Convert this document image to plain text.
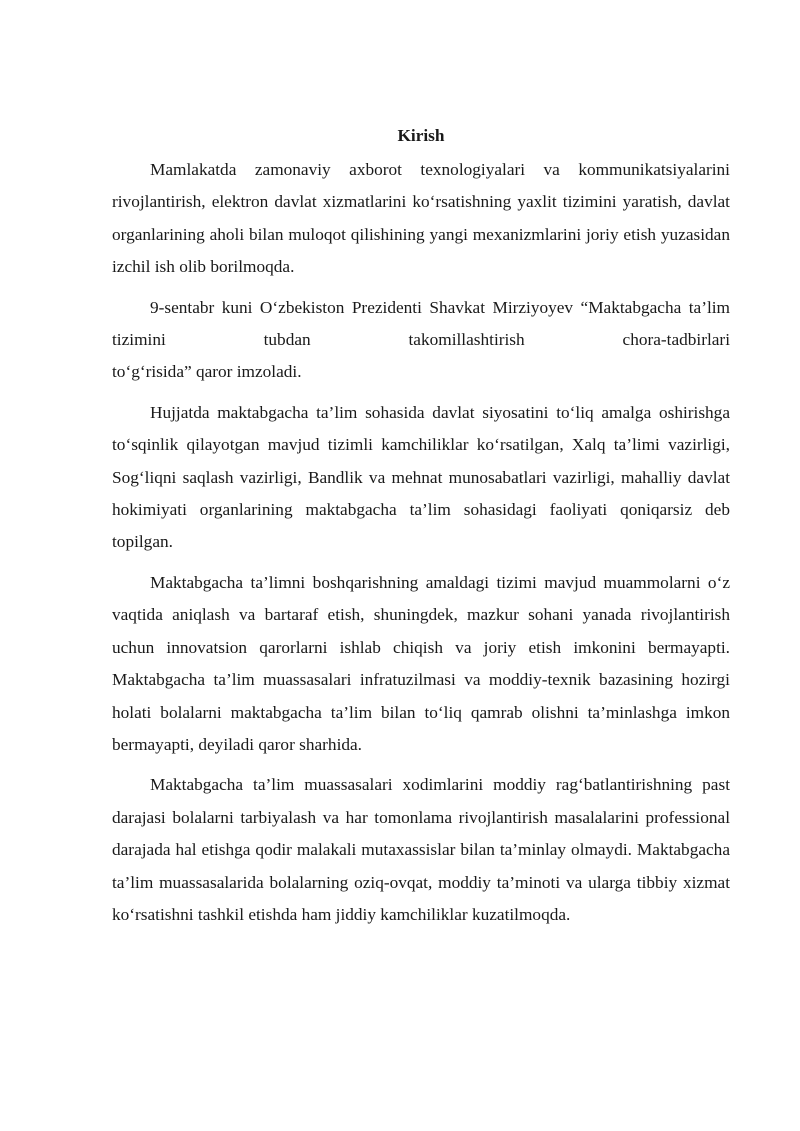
Kirish

Mamlakatda zamonaviy axborot texnologiyalari va kommunikatsiyalarini rivojlantirish, elektron davlat xizmatlarini ko‘rsatishning yaxlit tizimini yaratish, davlat organlarining aholi bilan muloqot qilishining yangi mexanizmlarini joriy etish yuzasidan izchil ish olib borilmoqda.

9-sentabr kuni O‘zbekiston Prezidenti Shavkat Mirziyoyev “Maktabgacha ta’lim tizimini tubdan takomillashtirish chora-tadbirlari
to‘g‘risida” qaror imzoladi.

Hujjatda maktabgacha ta’lim sohasida davlat siyosatini to‘liq amalga oshirishga to‘sqinlik qilayotgan mavjud tizimli kamchiliklar ko‘rsatilgan, Xalq ta’limi vazirligi, Sog‘liqni saqlash vazirligi, Bandlik va mehnat munosabatlari vazirligi, mahalliy davlat hokimiyati organlarining maktabgacha ta’lim sohasidagi faoliyati qoniqarsiz deb topilgan.

Maktabgacha ta’limni boshqarishning amaldagi tizimi mavjud muammolarni o‘z vaqtida aniqlash va bartaraf etish, shuningdek, mazkur sohani yanada rivojlantirish uchun innovatsion qarorlarni ishlab chiqish va joriy etish imkonini bermayapti. Maktabgacha ta’lim muassasalari infratuzilmasi va moddiy-texnik bazasining hozirgi holati bolalarni maktabgacha ta’lim bilan to‘liq qamrab olishni ta’minlashga imkon bermayapti, deyiladi qaror sharhida.

Maktabgacha ta’lim muassasalari xodimlarini moddiy rag‘batlantirishning past darajasi bolalarni tarbiyalash va har tomonlama rivojlantirish masalalarini professional darajada hal etishga qodir malakali mutaxassislar bilan ta’minlay olmaydi. Maktabgacha ta’lim muassasalarida bolalarning oziq-ovqat, moddiy ta’minoti va ularga tibbiy xizmat ko‘rsatishni tashkil etishda ham jiddiy kamchiliklar kuzatilmoqda.
